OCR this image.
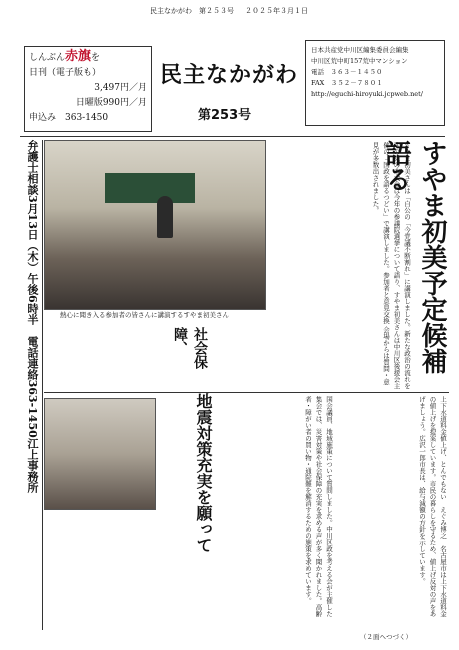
民主なかがわ　第２５３号 ２０２５年３月１日
しんぶん赤旗を
日刊（電子版も）
3,497円／月
日曜版990円／月
申込み　363-1450
民主なかがわ
第253号
日本共産党中川区編集委員会編集
中川区荒中町157荒中マンション
電話　３６３－１４５０
FAX　３５２－７８０１
http://eguchi-hiroyuki.jcpweb.net/
弁護士相談3月13日（木）午後6時半　電話連絡363-1450江上事務所	熱心に聞き入る参加者の皆さんに講演するすやま初美さん	すやま初美予定候補語る
すやま初美さんは「自公の「今党議不断割れ」に講演しました。新たな政治の流れを次の党の本大会は今年の参議院選挙について語り、すやま初美さんは中川区後援会主催の「国政を語るつどい」で講演しました。参加者と意見交換 会場からは質問・意見が多数出されました。
社会保障、
地震対策充実を願って	国会議員、地域施策について質問しました。中川区政を考える会が主催した集会では、災害対策や社会保障の充実を求める声が多く聞かれました。高齢者・障がい者の買い物・通院難を解消するための施策を求めています。	上下水道料金値上げ、とんでもない　えぐみ博之　名古屋市は上下水道料金の値上げを提案しています。市民の暮らしを守るため、値上げ反対の声をあげましょう。広沢一郎市長は、給与減額の方針を示しています。
（２面へつづく）
